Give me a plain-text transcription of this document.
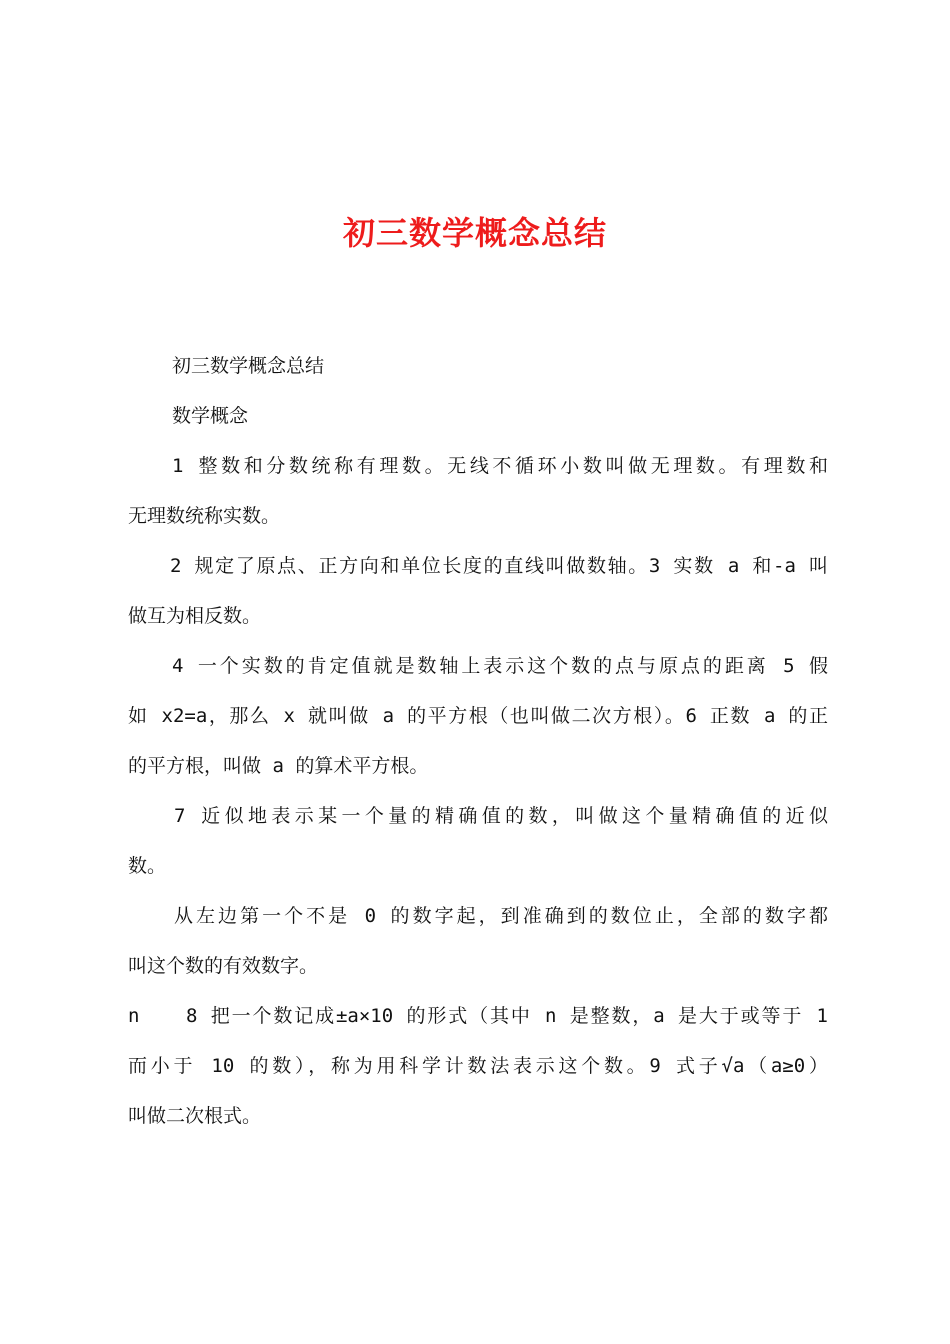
初三数学概念总结
初三数学概念总结
数学概念
1 整数和分数统称有理数。无线不循环小数叫做无理数。有理数和
无理数统称实数。
2 规定了原点、正方向和单位长度的直线叫做数轴。3 实数 a 和-a 叫
做互为相反数。
4 一个实数的肯定值就是数轴上表示这个数的点与原点的距离 5 假
如 x2=a，那么 x 就叫做 a 的平方根（也叫做二次方根）。6 正数 a 的正
的平方根，叫做 a 的算术平方根。
7 近似地表示某一个量的精确值的数，叫做这个量精确值的近似
数。
从左边第一个不是 0 的数字起，到准确到的数位止，全部的数字都
叫这个数的有效数字。
n 8 把一个数记成±a×10 的形式（其中 n 是整数，a 是大于或等于 1
而小于 10 的数），称为用科学计数法表示这个数。9 式子√a（a≥0）
叫做二次根式。
